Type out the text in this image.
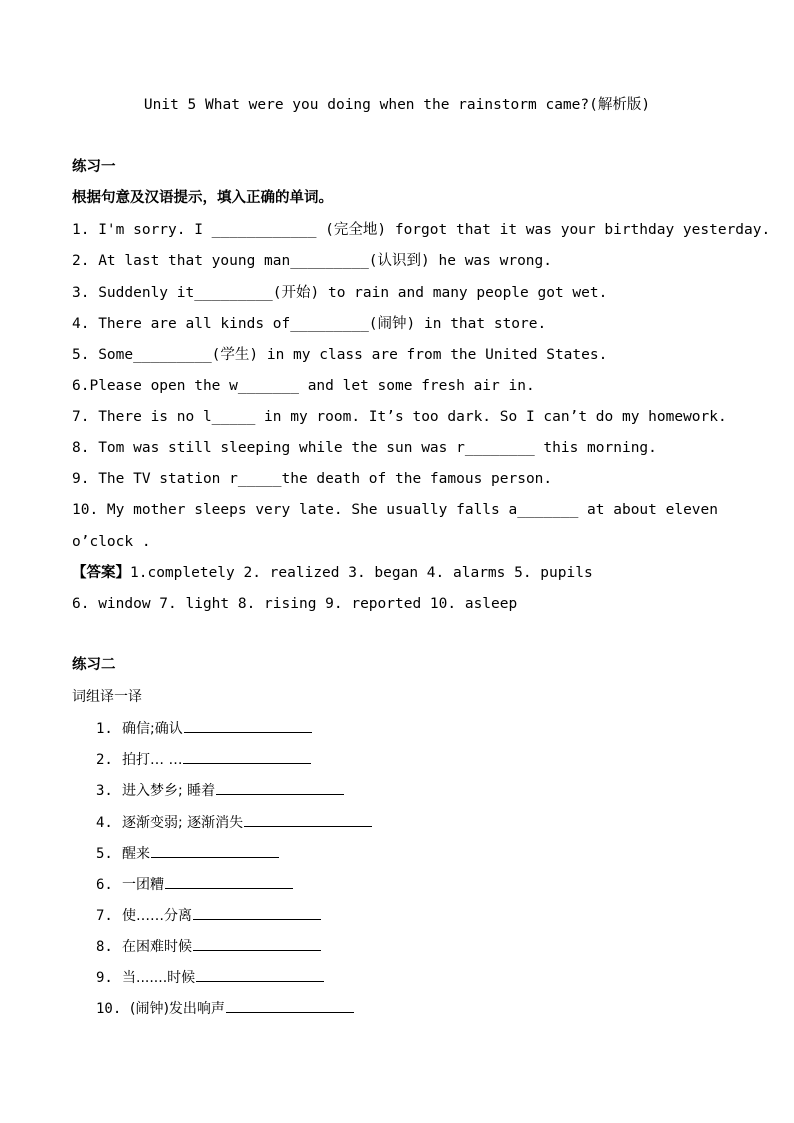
Unit 5 What were you doing when the rainstorm came?(解析版)
练习一
根据句意及汉语提示，填入正确的单词。
1. I'm sorry. I ____________ (完全地) forgot that it was your birthday yesterday.
2. At last that young man_________(认识到) he was wrong.
3. Suddenly it_________(开始) to rain and many people got wet.
4. There are all kinds of_________(闹钟) in that store.
5. Some_________(学生) in my class are from the United States.
6.Please open the w_______ and let some fresh air in.
7. There is no l_____ in my room. It’s too dark. So I can’t do my homework.
8. Tom was still sleeping while the sun was r________ this morning.
9. The TV station r_____the death of the famous person.
10. My mother sleeps very late. She usually falls a_______ at about eleven
o’clock .
【答案】1.completely 2. realized 3. began 4. alarms 5. pupils
6. window 7. light 8. rising 9. reported 10. asleep
练习二
词组译一译
1. 确信;确认
2. 拍打… …
3. 进入梦乡; 睡着
4. 逐渐变弱; 逐渐消失
5. 醒来
6. 一团糟
7. 使……分离
8. 在困难时候
9. 当.......时候
10. (闹钟)发出响声
